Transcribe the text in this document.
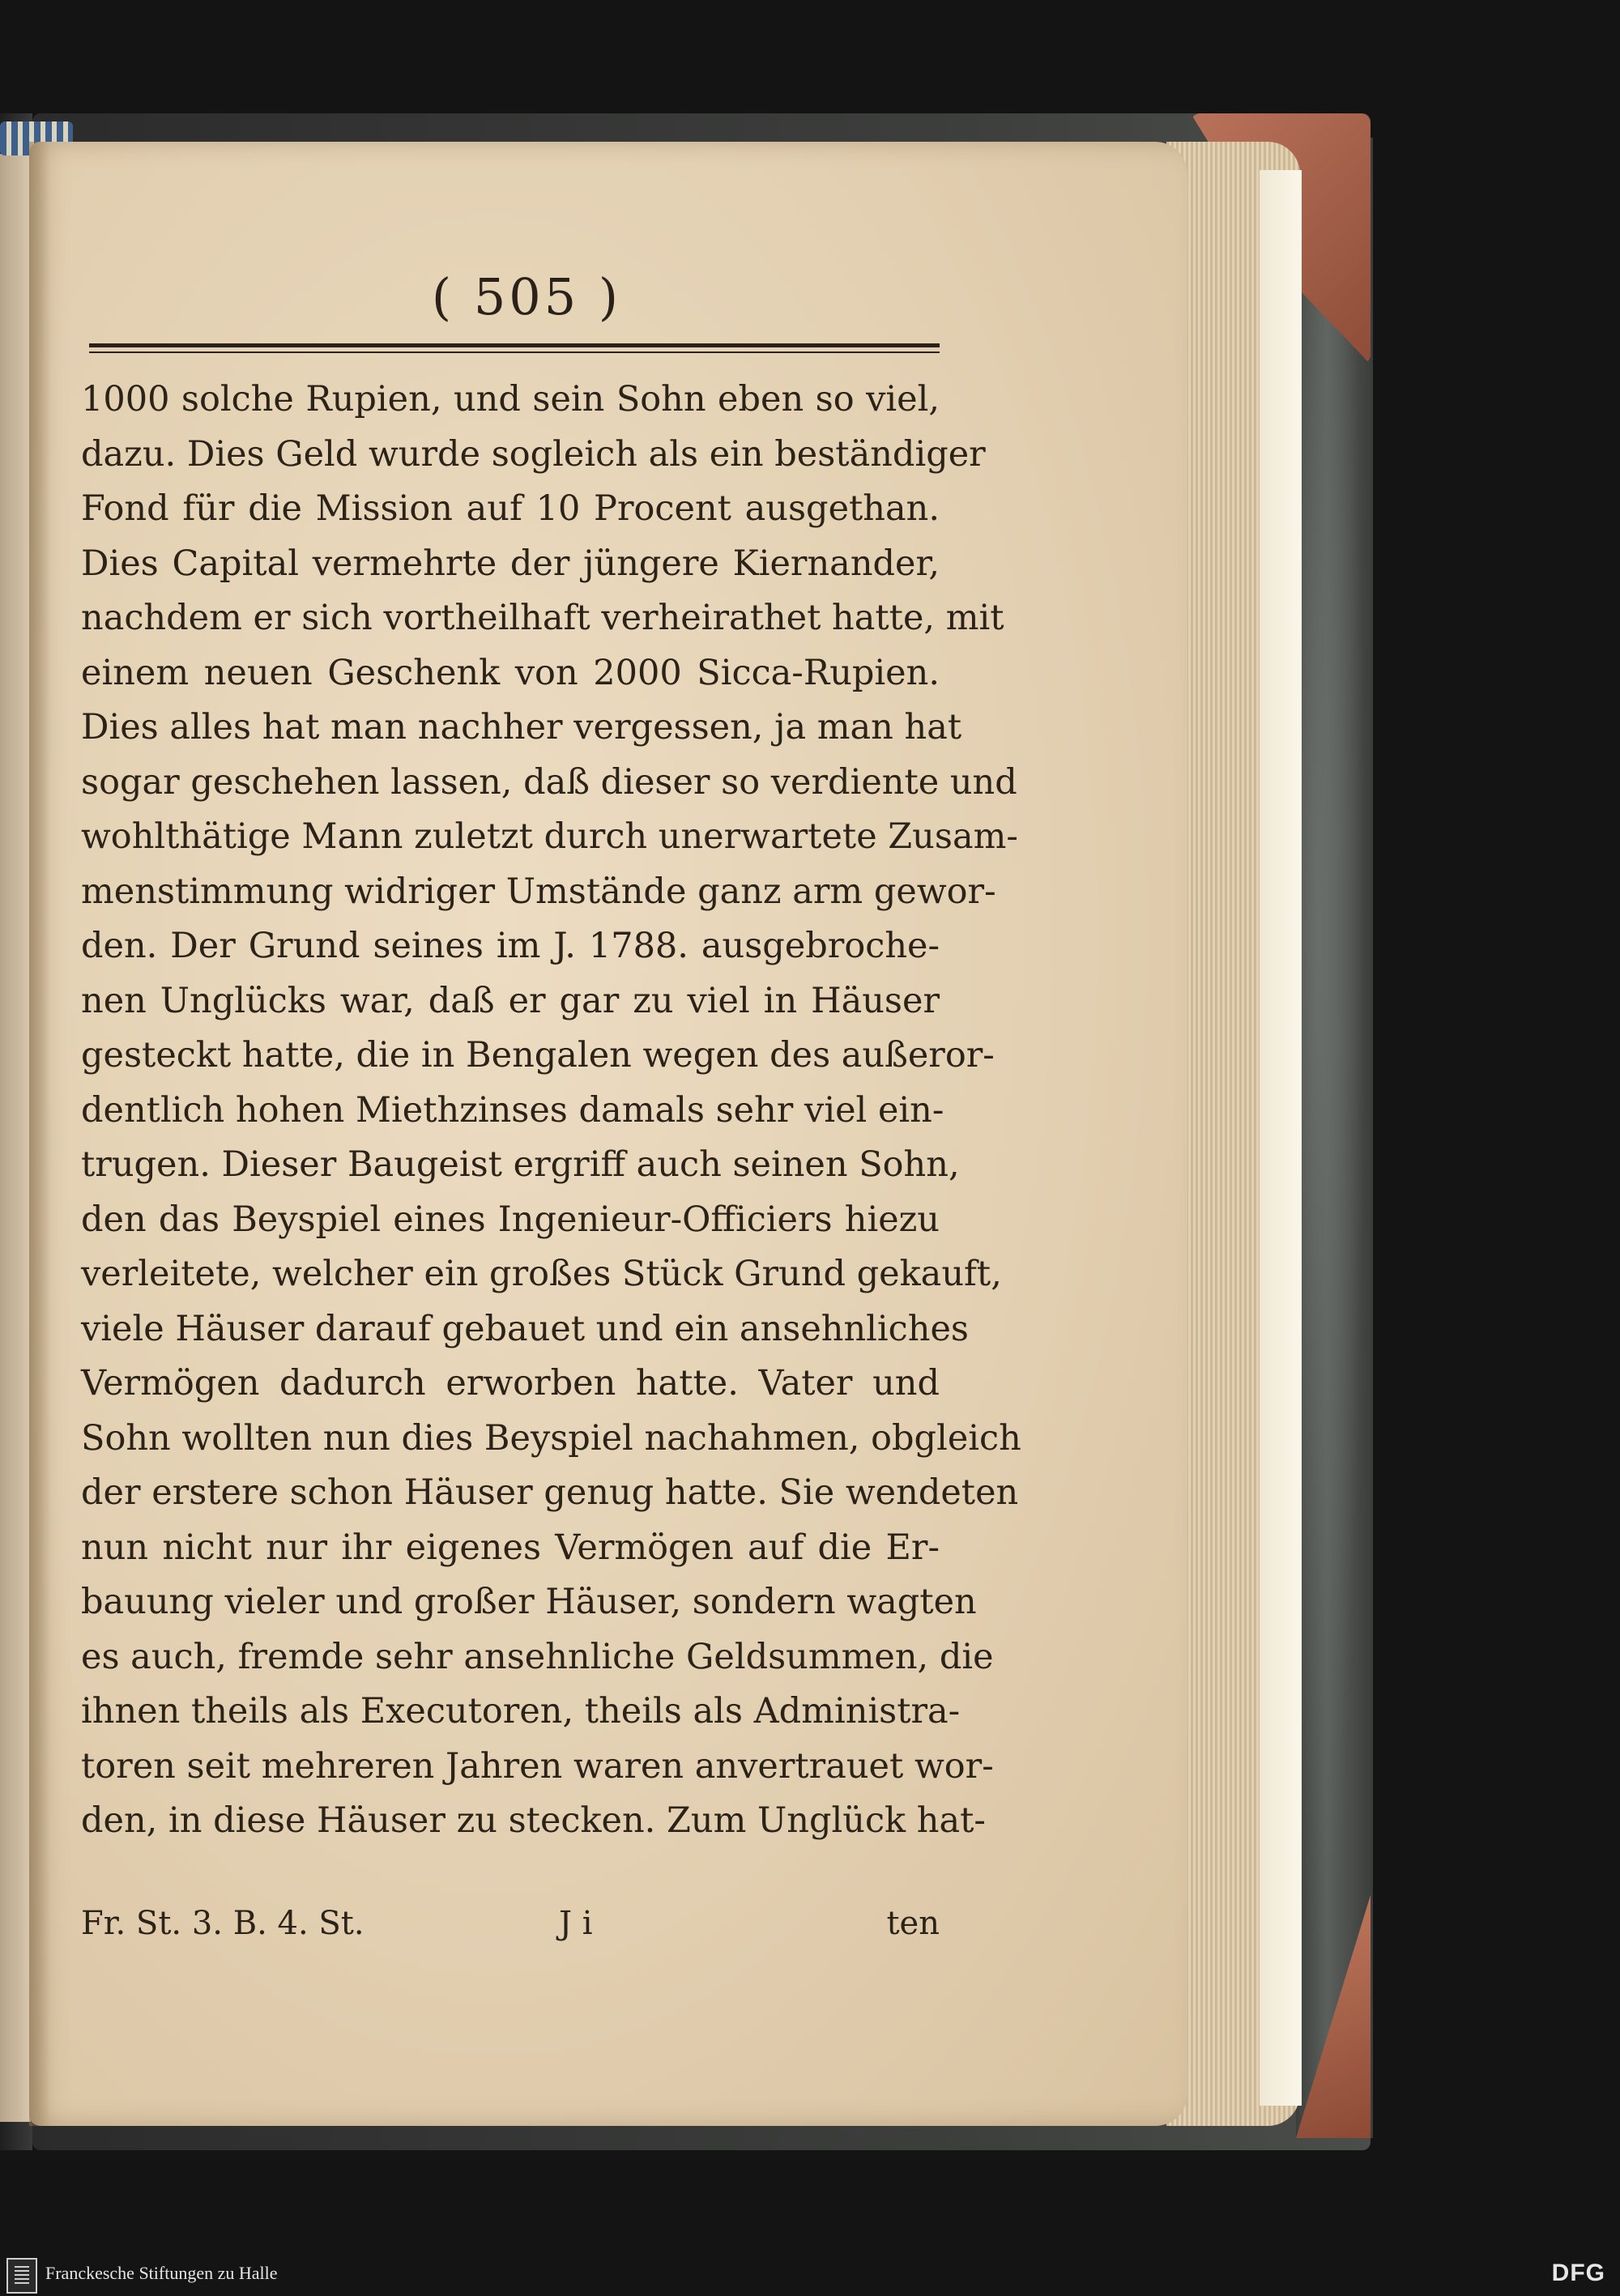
( 505 )
1000 solche Rupien, und sein Sohn eben so viel,
dazu. Dies Geld wurde sogleich als ein beständiger
Fond für die Mission auf 10 Procent ausgethan.
Dies Capital vermehrte der jüngere Kiernander,
nachdem er sich vortheilhaft verheirathet hatte, mit
einem neuen Geschenk von 2000 Sicca-Rupien.
Dies alles hat man nachher vergessen, ja man hat
sogar geschehen lassen, daß dieser so verdiente und
wohlthätige Mann zuletzt durch unerwartete Zusam-
menstimmung widriger Umstände ganz arm gewor-
den. Der Grund seines im J. 1788. ausgebroche-
nen Unglücks war, daß er gar zu viel in Häuser
gesteckt hatte, die in Bengalen wegen des außeror-
dentlich hohen Miethzinses damals sehr viel ein-
trugen. Dieser Baugeist ergriff auch seinen Sohn,
den das Beyspiel eines Ingenieur-Officiers hiezu
verleitete, welcher ein großes Stück Grund gekauft,
viele Häuser darauf gebauet und ein ansehnliches
Vermögen dadurch erworben hatte. Vater und
Sohn wollten nun dies Beyspiel nachahmen, obgleich
der erstere schon Häuser genug hatte. Sie wendeten
nun nicht nur ihr eigenes Vermögen auf die Er-
bauung vieler und großer Häuser, sondern wagten
es auch, fremde sehr ansehnliche Geldsummen, die
ihnen theils als Executoren, theils als Administra-
toren seit mehreren Jahren waren anvertrauet wor-
den, in diese Häuser zu stecken. Zum Unglück hat-
Fr. St. 3. B. 4. St.	J i	ten
Franckesche Stiftungen zu Halle	DFG
